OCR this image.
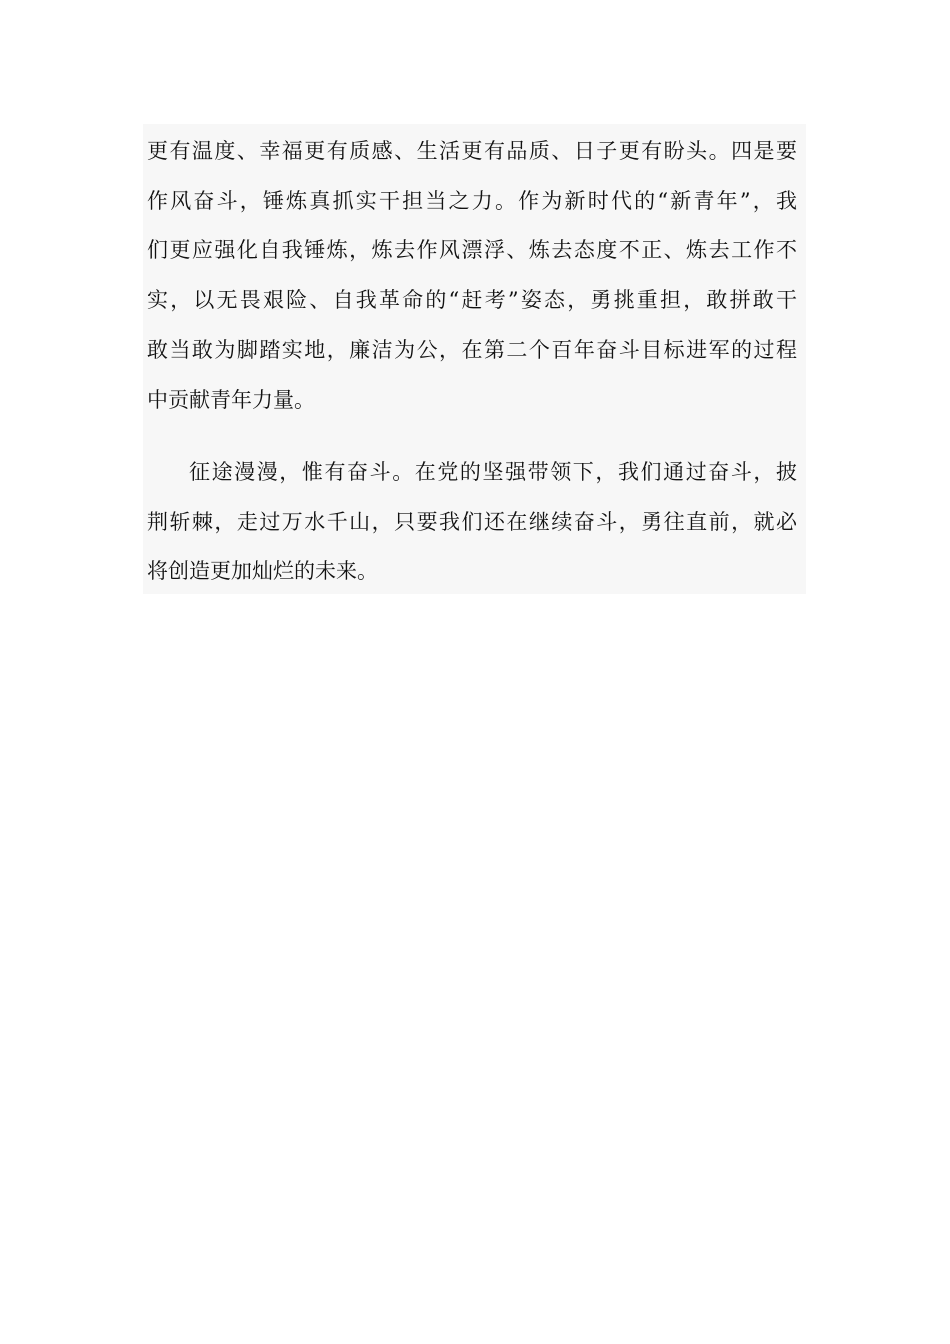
更有温度、幸福更有质感、生活更有品质、日子更有盼头。四是要
作风奋斗，锤炼真抓实干担当之力。作为新时代的“新青年”，我
们更应强化自我锤炼，炼去作风漂浮、炼去态度不正、炼去工作不
实，以无畏艰险、自我革命的“赶考”姿态，勇挑重担，敢拼敢干
敢当敢为脚踏实地，廉洁为公，在第二个百年奋斗目标进军的过程
中贡献青年力量。
征途漫漫，惟有奋斗。在党的坚强带领下，我们通过奋斗，披
荆斩棘，走过万水千山，只要我们还在继续奋斗，勇往直前，就必
将创造更加灿烂的未来。
